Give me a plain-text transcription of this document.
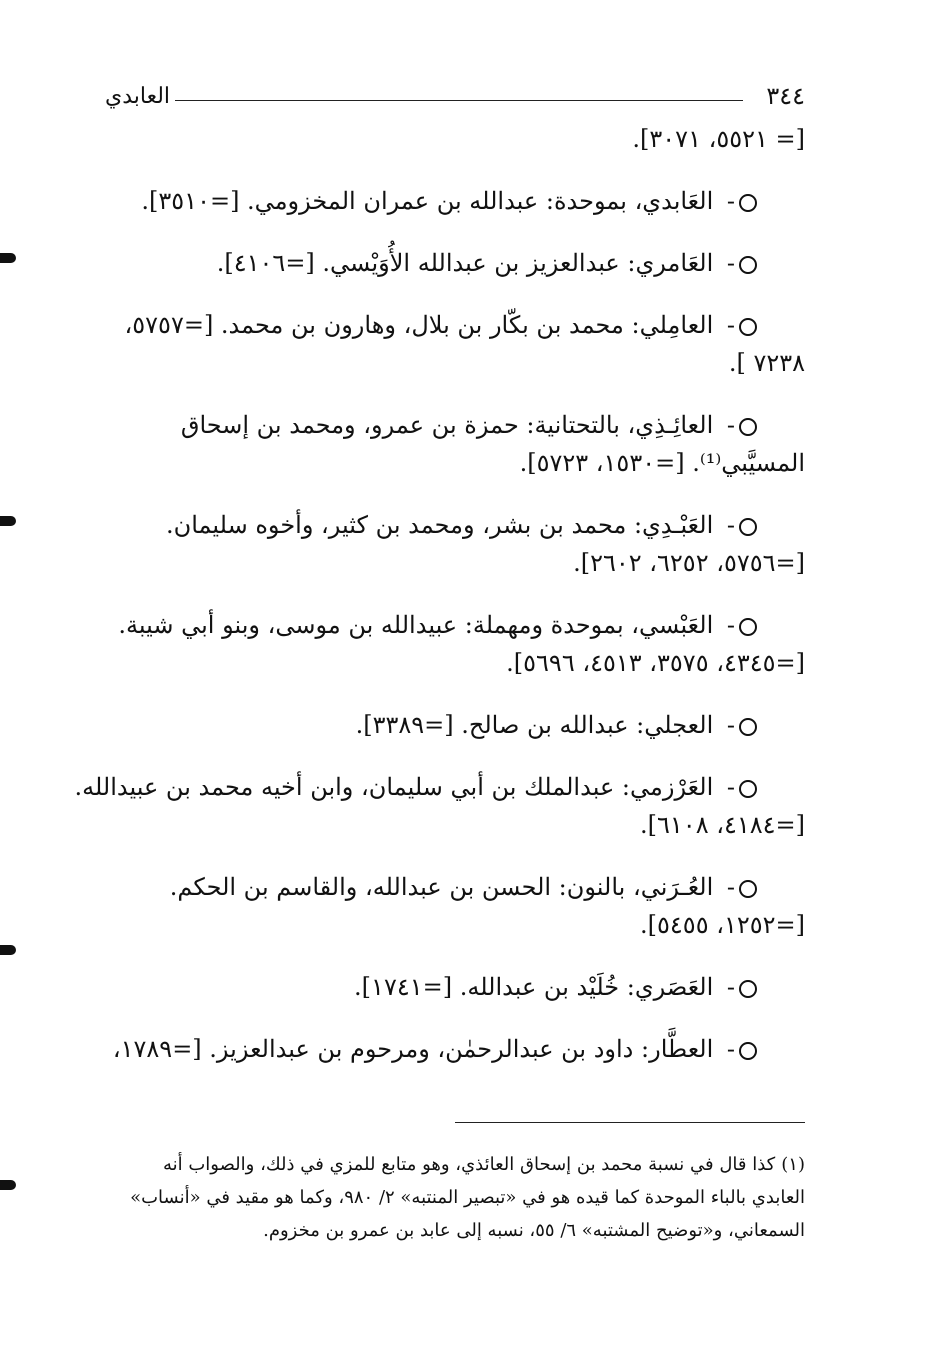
٣٤٤
العابدي
[= ٥٥٢١، ٣٠٧١].
- العَابدي، بموحدة: عبدالله بن عمران المخزومي. [=٣٥١٠].
- العَامري: عبدالعزيز بن عبدالله الأُوَيْسي. [=٤١٠٦].
- العامِلي: محمد بن بكّار بن بلال، وهارون بن محمد. [=٥٧٥٧،
٧٢٣٨ ].
- العائِـذِي، بالتحتانية: حمزة بن عمرو، ومحمد بن إسحاق
المسيَّبي⁽¹⁾. [=١٥٣٠، ٥٧٢٣].
- العَبْـدِي: محمد بن بشر، ومحمد بن كثير، وأخوه سليمان.
[=٥٧٥٦، ٦٢٥٢، ٢٦٠٢].
- العَبْسي، بموحدة ومهملة: عبيدالله بن موسى، وبنو أبي شيبة.
[=٤٣٤٥، ٣٥٧٥، ٤٥١٣، ٥٦٩٦].
- العجلي: عبدالله بن صالح. [=٣٣٨٩].
- العَرْزمي: عبدالملك بن أبي سليمان، وابن أخيه محمد بن عبيدالله.
[=٤١٨٤، ٦١٠٨].
- العُـرَني، بالنون: الحسن بن عبدالله، والقاسم بن الحكم.
[=١٢٥٢، ٥٤٥٥].
- العَصَري: خُلَيْد بن عبدالله. [=١٧٤١].
- العطَّار: داود بن عبدالرحمٰن، ومرحوم بن عبدالعزيز. [=١٧٨٩،
(١)كذا قال في نسبة محمد بن إسحاق العائذي، وهو متابع للمزي في ذلك، والصواب أنه
العابدي بالباء الموحدة كما قيده هو في «تبصير المنتبه» ٢/ ٩٨٠، وكما هو مقيد في «أنساب»
السمعاني، و«توضيح المشتبه» ٦/ ٥٥، نسبه إلى عابد بن عمرو بن مخزوم.
